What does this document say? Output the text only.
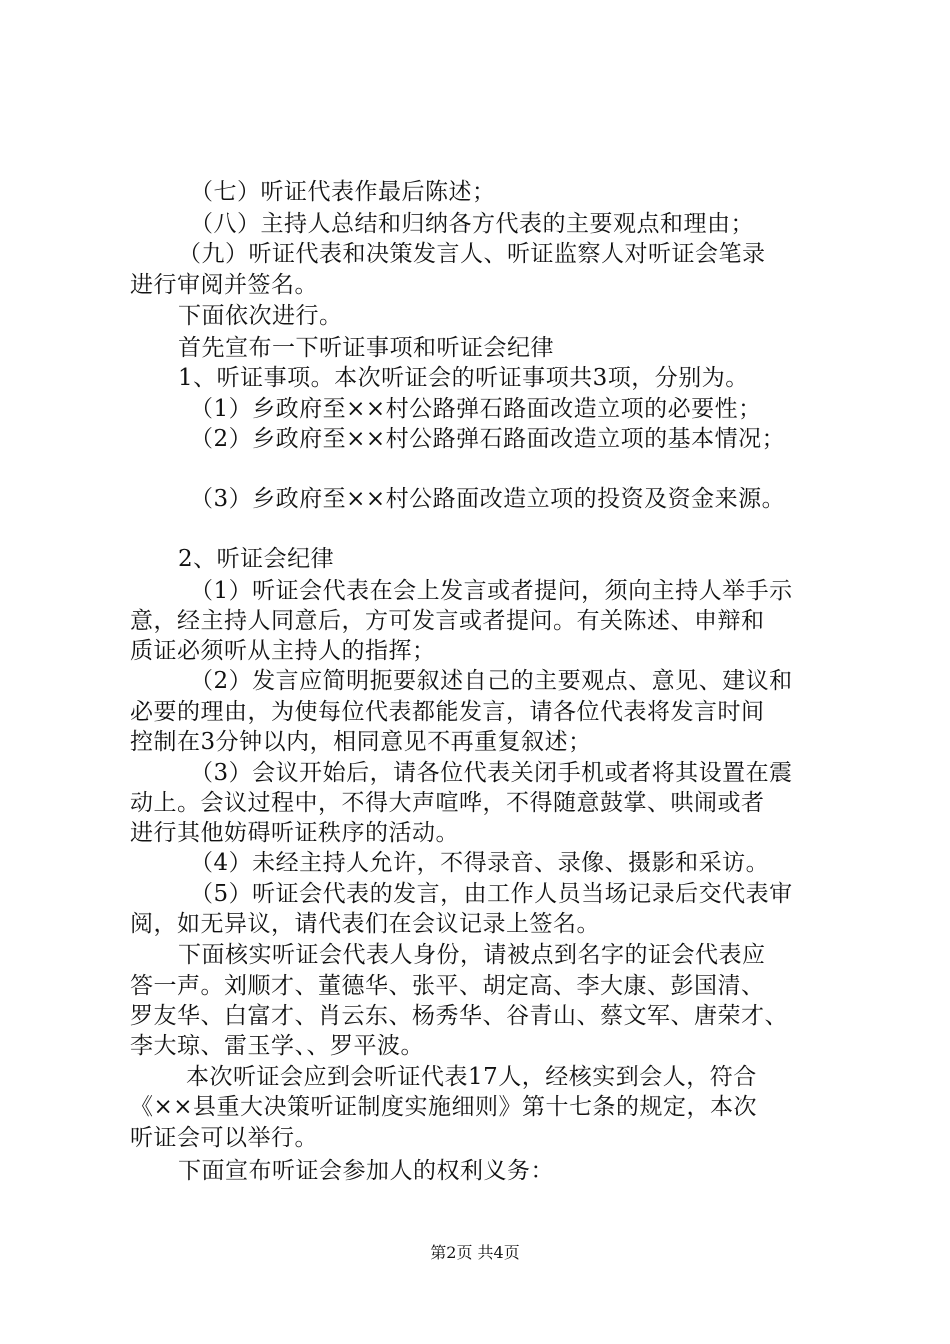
（七）听证代表作最后陈述；
（八）主持人总结和归纳各方代表的主要观点和理由；
（九）听证代表和决策发言人、听证监察人对听证会笔录
进行审阅并签名。
下面依次进行。
首先宣布一下听证事项和听证会纪律
1、听证事项。本次听证会的听证事项共3项，分别为。
（1）乡政府至××村公路弹石路面改造立项的必要性；
（2）乡政府至××村公路弹石路面改造立项的基本情况；
（3）乡政府至××村公路面改造立项的投资及资金来源。
2、听证会纪律
（1）听证会代表在会上发言或者提问，须向主持人举手示
意，经主持人同意后，方可发言或者提问。有关陈述、申辩和
质证必须听从主持人的指挥；
（2）发言应简明扼要叙述自己的主要观点、意见、建议和
必要的理由，为使每位代表都能发言，请各位代表将发言时间
控制在3分钟以内，相同意见不再重复叙述；
（3）会议开始后，请各位代表关闭手机或者将其设置在震
动上。会议过程中，不得大声喧哗，不得随意鼓掌、哄闹或者
进行其他妨碍听证秩序的活动。
（4）未经主持人允许，不得录音、录像、摄影和采访。
（5）听证会代表的发言，由工作人员当场记录后交代表审
阅，如无异议，请代表们在会议记录上签名。
下面核实听证会代表人身份，请被点到名字的证会代表应
答一声。刘顺才、董德华、张平、胡定高、李大康、彭国清、
罗友华、白富才、肖云东、杨秀华、谷青山、蔡文军、唐荣才、
李大琼、雷玉学、、罗平波。
本次听证会应到会听证代表17人，经核实到会人，符合
《××县重大决策听证制度实施细则》第十七条的规定，本次
听证会可以举行。
下面宣布听证会参加人的权利义务：
第2页 共4页
